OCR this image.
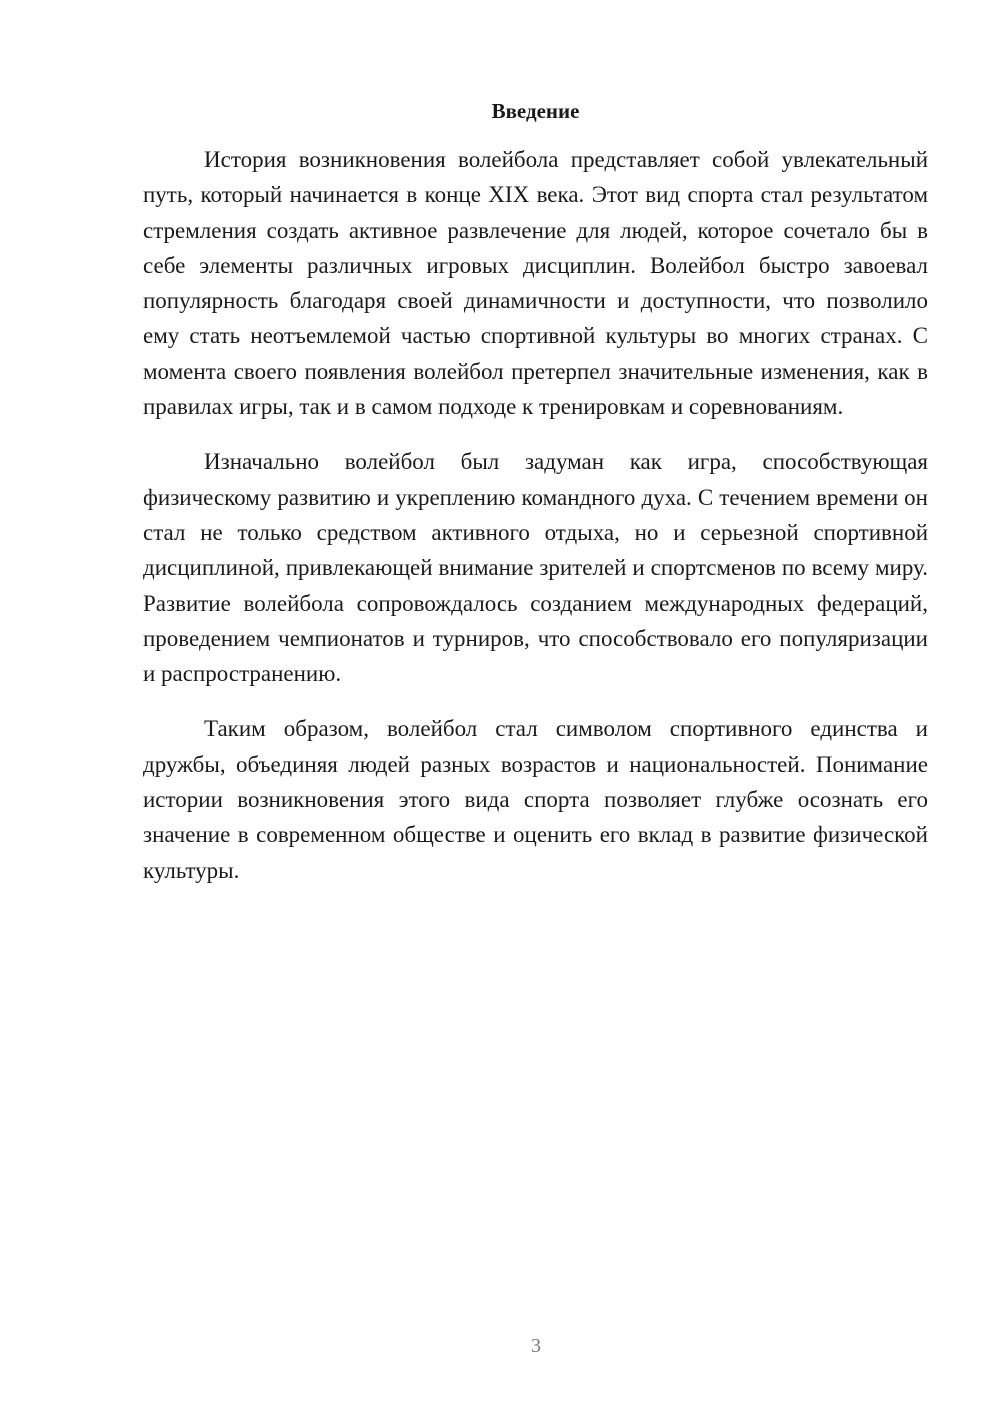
Введение

История возникновения волейбола представляет собой увлекательный путь, который начинается в конце XIX века. Этот вид спорта стал результатом стремления создать активное развлечение для людей, которое сочетало бы в себе элементы различных игровых дисциплин. Волейбол быстро завоевал популярность благодаря своей динамичности и доступности, что позволило ему стать неотъемлемой частью спортивной культуры во многих странах. С момента своего появления волейбол претерпел значительные изменения, как в правилах игры, так и в самом подходе к тренировкам и соревнованиям.

Изначально волейбол был задуман как игра, способствующая физическому развитию и укреплению командного духа. С течением времени он стал не только средством активного отдыха, но и серьезной спортивной дисциплиной, привлекающей внимание зрителей и спортсменов по всему миру. Развитие волейбола сопровождалось созданием международных федераций, проведением чемпионатов и турниров, что способствовало его популяризации и распространению.

Таким образом, волейбол стал символом спортивного единства и дружбы, объединяя людей разных возрастов и национальностей. Понимание истории возникновения этого вида спорта позволяет глубже осознать его значение в современном обществе и оценить его вклад в развитие физической культуры.

3
